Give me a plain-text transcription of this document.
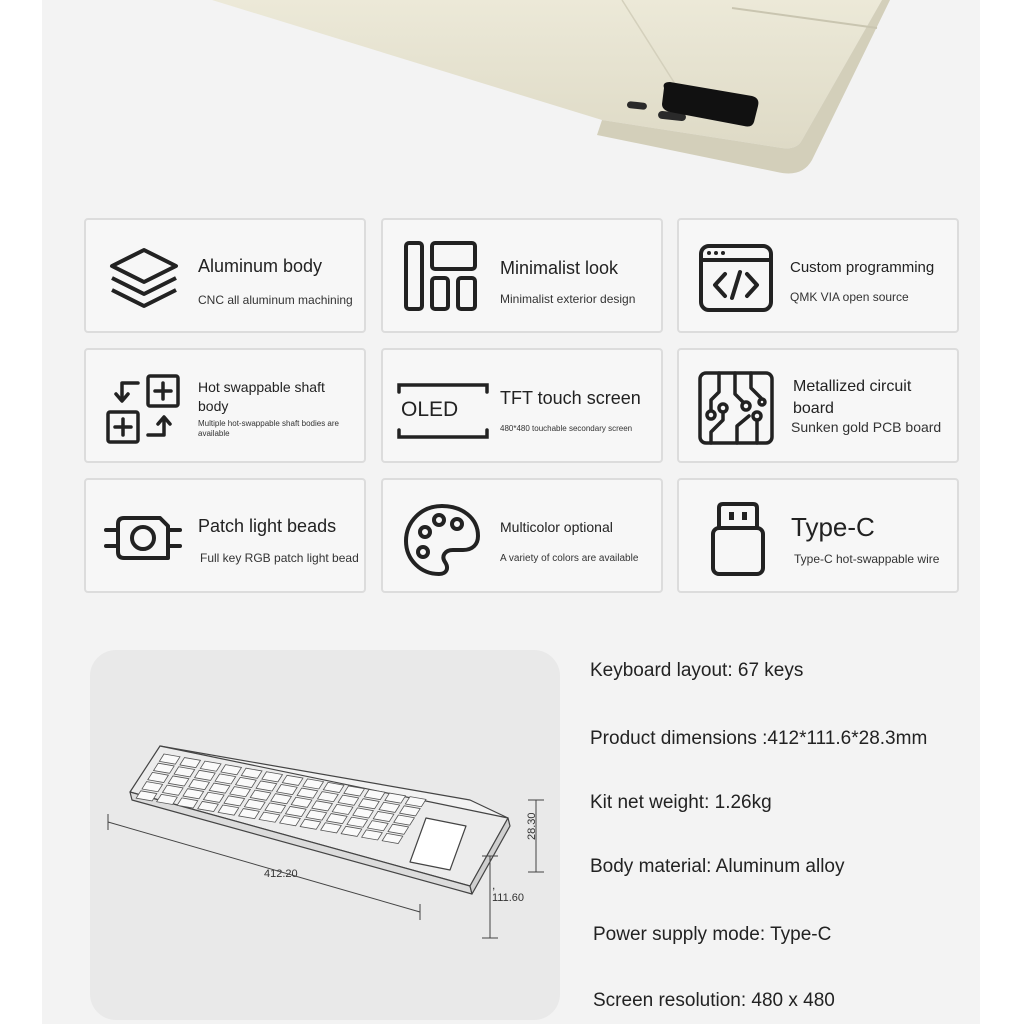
Aluminum body
CNC all aluminum machining
Minimalist look
Minimalist exterior design
Custom programming
QMK VIA open source
Hot swappable shaft body
Multiple hot-swappable shaft bodies are available
OLED TFT touch screen
480*480 touchable secondary screen
Metallized circuit board
Sunken gold PCB board
Patch light beads
Full key RGB patch light bead
Multicolor optional
A variety of colors are available
Type-C
Type-C hot-swappable wire
412.20
28.30
,
111.60
Keyboard layout: 67 keys
Product dimensions :412*111.6*28.3mm
Kit net weight: 1.26kg
Body material: Aluminum alloy
Power supply mode: Type-C
Screen resolution: 480 x 480
